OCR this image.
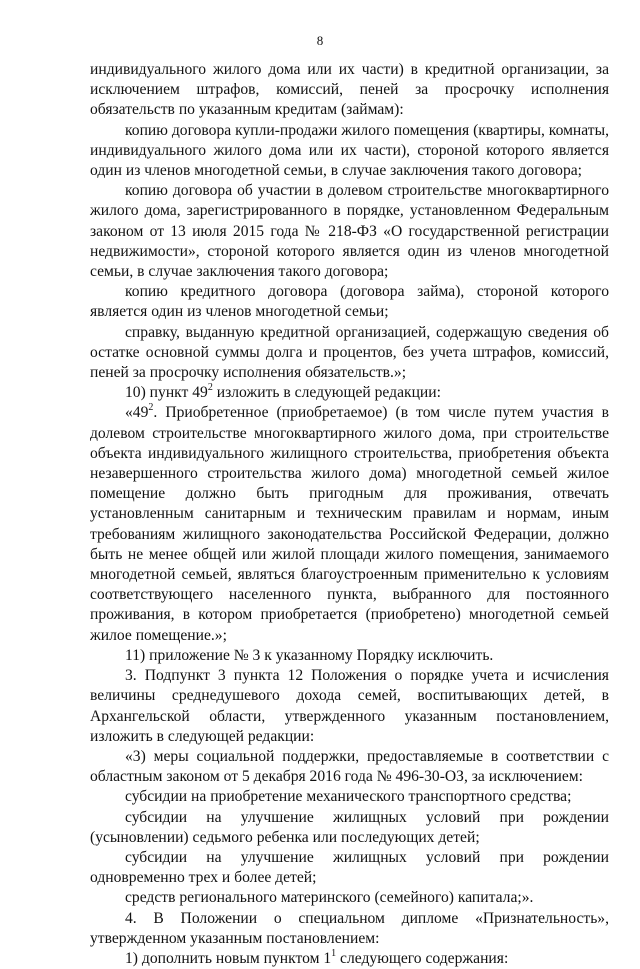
8

индивидуального жилого дома или их части) в кредитной организации, за исключением штрафов, комиссий, пеней за просрочку исполнения обязательств по указанным кредитам (займам):

копию договора купли-продажи жилого помещения (квартиры, комнаты, индивидуального жилого дома или их части), стороной которого является один из членов многодетной семьи, в случае заключения такого договора;

копию договора об участии в долевом строительстве многоквартирного жилого дома, зарегистрированного в порядке, установленном Федеральным законом от 13 июля 2015 года № 218-ФЗ «О государственной регистрации недвижимости», стороной которого является один из членов многодетной семьи, в случае заключения такого договора;

копию кредитного договора (договора займа), стороной которого является один из членов многодетной семьи;

справку, выданную кредитной организацией, содержащую сведения об остатке основной суммы долга и процентов, без учета штрафов, комиссий, пеней за просрочку исполнения обязательств.»;

10) пункт $49^2$ изложить в следующей редакции:

«$49^2$. Приобретенное (приобретаемое) (в том числе путем участия в долевом строительстве многоквартирного жилого дома, при строительстве объекта индивидуального жилищного строительства, приобретения объекта незавершенного строительства жилого дома) многодетной семьей жилое помещение должно быть пригодным для проживания, отвечать установленным санитарным и техническим правилам и нормам, иным требованиям жилищного законодательства Российской Федерации, должно быть не менее общей или жилой площади жилого помещения, занимаемого многодетной семьей, являться благоустроенным применительно к условиям соответствующего населенного пункта, выбранного для постоянного проживания, в котором приобретается (приобретено) многодетной семьей жилое помещение.»;

11) приложение № 3 к указанному Порядку исключить.

3. Подпункт 3 пункта 12 Положения о порядке учета и исчисления величины среднедушевого дохода семей, воспитывающих детей, в Архангельской области, утвержденного указанным постановлением, изложить в следующей редакции:

«3) меры социальной поддержки, предоставляемые в соответствии с областным законом от 5 декабря 2016 года № 496-30-ОЗ, за исключением:

субсидии на приобретение механического транспортного средства;

субсидии на улучшение жилищных условий при рождении (усыновлении) седьмого ребенка или последующих детей;

субсидии на улучшение жилищных условий при рождении одновременно трех и более детей;

средств регионального материнского (семейного) капитала;».

4. В Положении о специальном дипломе «Признательность», утвержденном указанным постановлением:

1) дополнить новым пунктом $1^1$ следующего содержания:
